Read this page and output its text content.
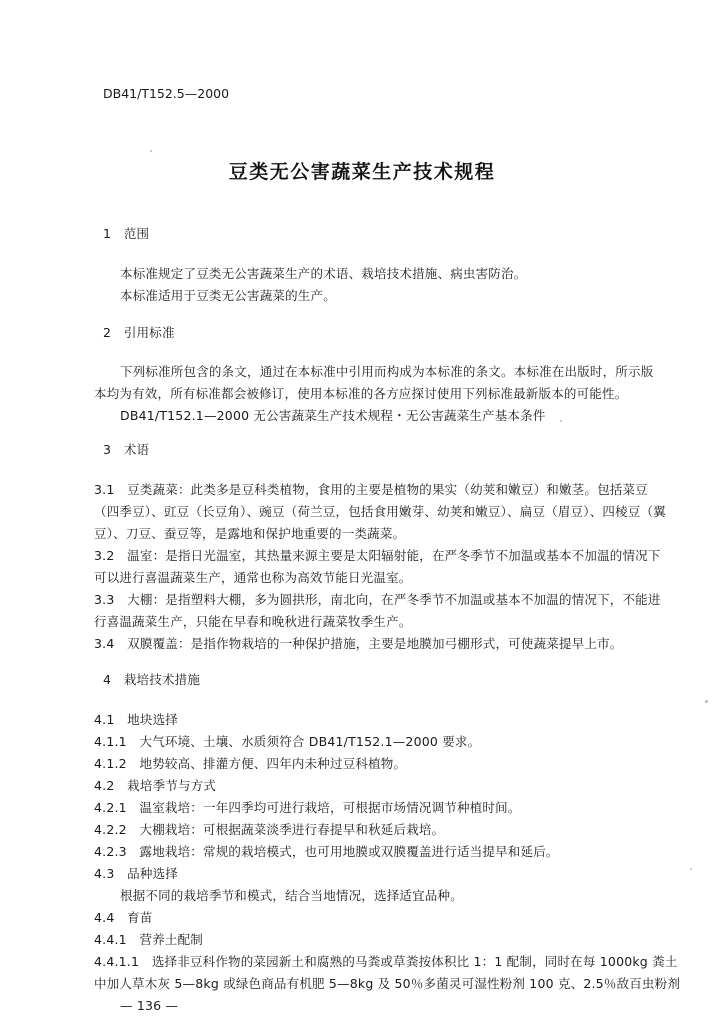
DB41/T152.5—2000
豆类无公害蔬菜生产技术规程
1　范围
本标准规定了豆类无公害蔬菜生产的术语、栽培技术措施、病虫害防治。
本标准适用于豆类无公害蔬菜的生产。
2　引用标准
下列标准所包含的条文，通过在本标准中引用而构成为本标准的条文。本标准在出版时，所示版
本均为有效，所有标准都会被修订，使用本标准的各方应探讨使用下列标准最新版本的可能性。
DB41/T152.1—2000 无公害蔬菜生产技术规程・无公害蔬菜生产基本条件
3　术语
3.1　豆类蔬菜：此类多是豆科类植物，食用的主要是植物的果实（幼荚和嫩豆）和嫩茎。包括菜豆
（四季豆）、豇豆（长豆角）、豌豆（荷兰豆，包括食用嫩芽、幼荚和嫩豆）、扁豆（眉豆）、四棱豆（翼
豆）、刀豆、蚕豆等，是露地和保护地重要的一类蔬菜。
3.2　温室：是指日光温室，其热量来源主要是太阳辐射能，在严冬季节不加温或基本不加温的情况下
可以进行喜温蔬菜生产，通常也称为高效节能日光温室。
3.3　大棚：是指塑料大棚，多为圆拱形，南北向，在严冬季节不加温或基本不加温的情况下，不能进
行喜温蔬菜生产，只能在早春和晚秋进行蔬菜牧季生产。
3.4　双膜覆盖：是指作物栽培的一种保护措施，主要是地膜加弓棚形式，可使蔬菜提早上市。
4　栽培技术措施
4.1　地块选择
4.1.1　大气环境、土壤、水质须符合 DB41/T152.1—2000 要求。
4.1.2　地势较高、排灌方便、四年内未种过豆科植物。
4.2　栽培季节与方式
4.2.1　温室栽培：一年四季均可进行栽培，可根据市场情况调节种植时间。
4.2.2　大棚栽培：可根据蔬菜淡季进行春提早和秋延后栽培。
4.2.3　露地栽培：常规的栽培模式，也可用地膜或双膜覆盖进行适当提早和延后。
4.3　品种选择
根据不同的栽培季节和模式，结合当地情况，选择适宜品种。
4.4　育苗
4.4.1　营养土配制
4.4.1.1　选择非豆科作物的菜园新土和腐熟的马粪或草粪按体积比 1：1 配制，同时在每 1000kg 粪土
中加人草木灰 5—8kg 或绿色商品有机肥 5—8kg 及 50％多菌灵可湿性粉剂 100 克、2.5％敌百虫粉剂
— 136 —
